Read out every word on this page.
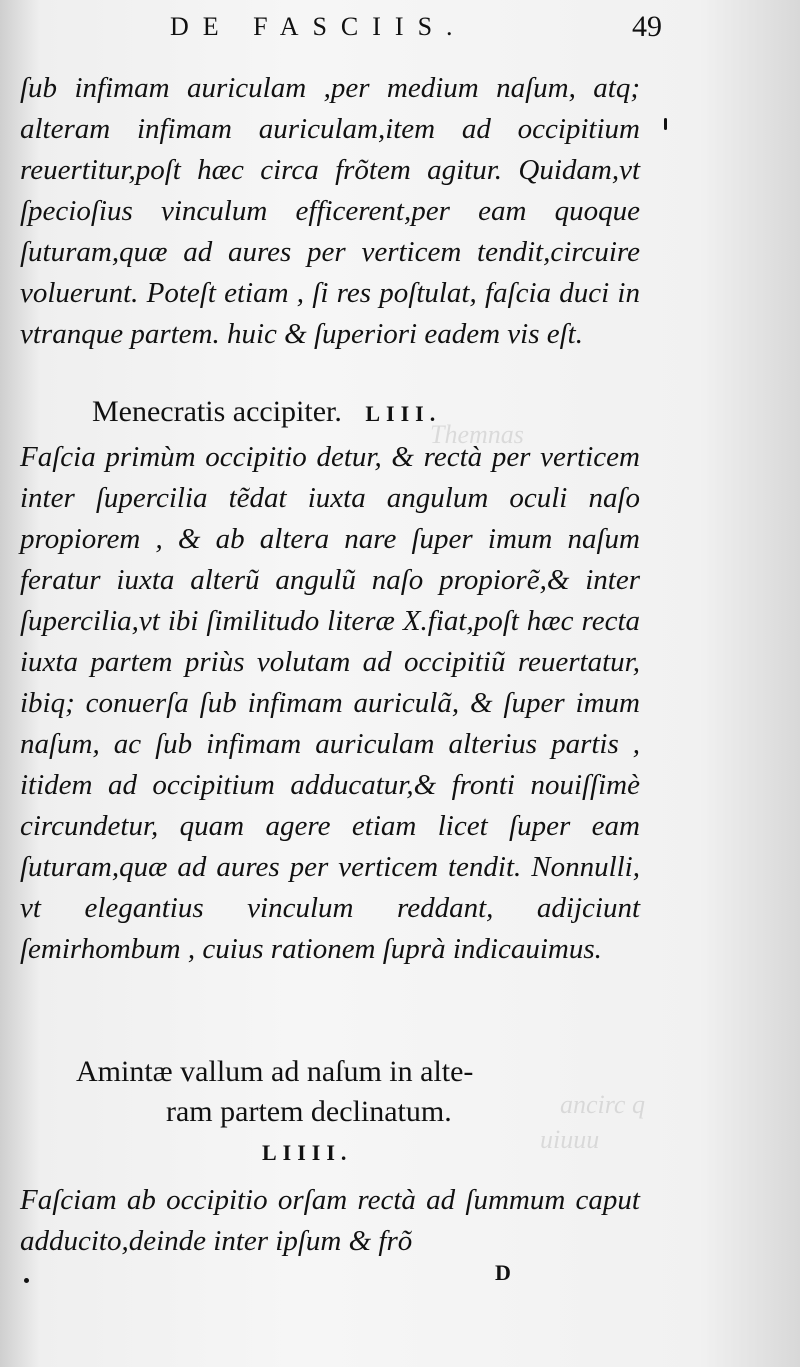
Themnas
ancirc q
uiuuu
DE FASCIIS.	49
ſub infimam auriculam ,per medium naſum, atq; alteram infimam auriculam,item ad occipitium reuertitur,poſt hæc circa frõtem agitur. Quidam,vt ſpecioſius vinculum efficerent,per eam quoque ſuturam,quæ ad aures per verticem tendit,circuire voluerunt. Poteſt etiam , ſi res poſtulat, faſcia duci in vtranque partem. huic & ſuperiori eadem vis eſt.
Menecratis accipiter. LIII.
Faſcia primùm occipitio detur, & rectà per verticem inter ſupercilia tẽdat iuxta angulum oculi naſo propiorem , & ab altera nare ſuper imum naſum feratur iuxta alterũ angulũ naſo propiorẽ,& inter ſupercilia,vt ibi ſimilitudo literæ X.fiat,poſt hæc recta iuxta partem priùs volutam ad occipitiũ reuertatur, ibiq; conuerſa ſub infimam auriculã, & ſuper imum naſum, ac ſub infimam auriculam alterius partis , itidem ad occipitium adducatur,& fronti nouiſſimè circundetur, quam agere etiam licet ſuper eam ſuturam,quæ ad aures per verticem tendit. Nonnulli, vt elegantius vinculum reddant, adijciunt ſemirhombum , cuius rationem ſuprà indicauimus.
Amintæ vallum ad naſum in alte-
ram partem declinatum.
LIIII.
Faſciam ab occipitio orſam rectà ad ſummum caput adducito,deinde inter ipſum & frõ
D
